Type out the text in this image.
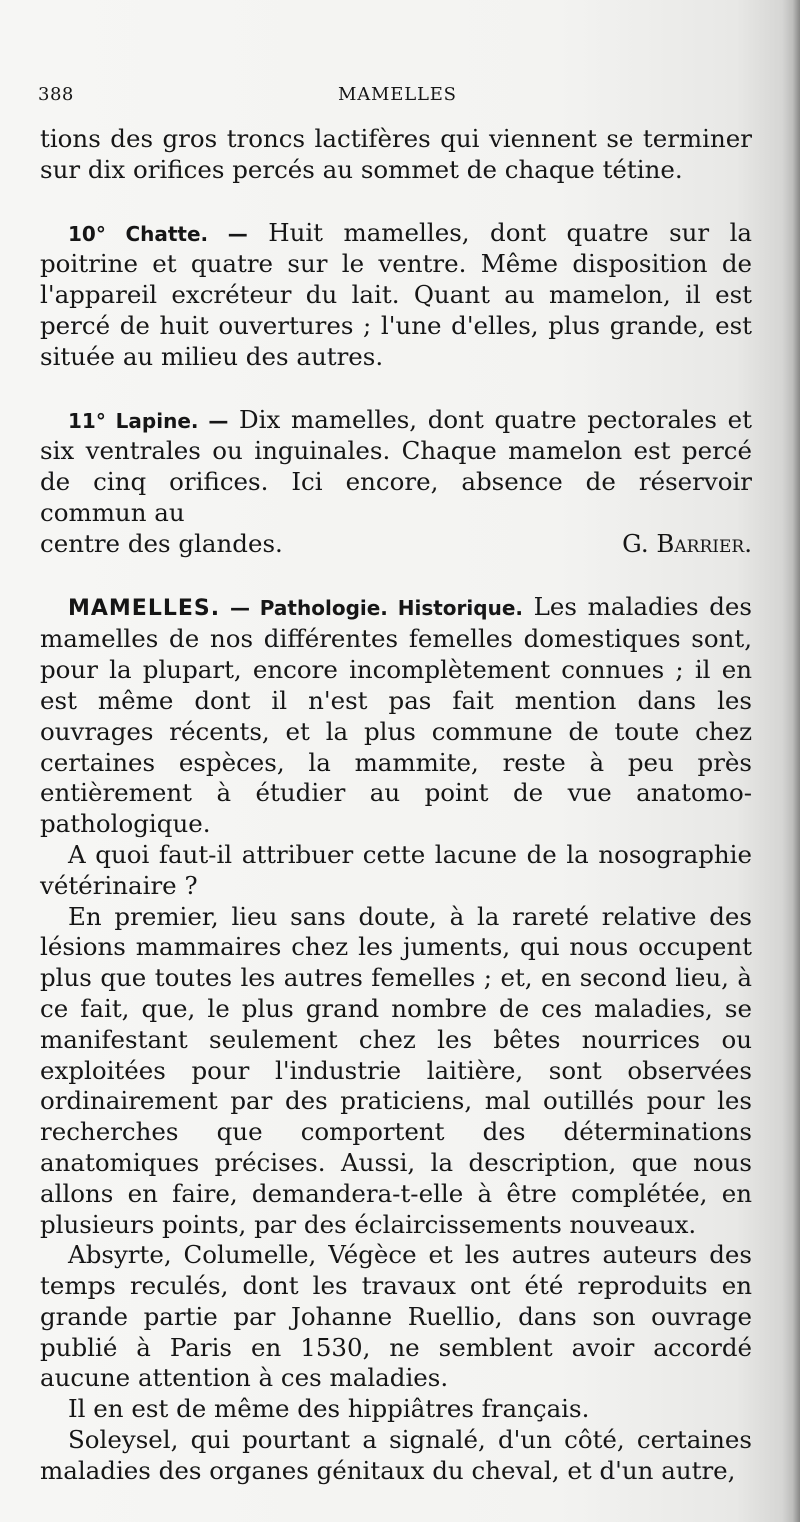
388	MAMELLES

tions des gros troncs lactifères qui viennent se terminer sur dix orifices percés au sommet de chaque tétine.

10° Chatte. — Huit mamelles, dont quatre sur la poitrine et quatre sur le ventre. Même disposition de l'appareil excréteur du lait. Quant au mamelon, il est percé de huit ouvertures ; l'une d'elles, plus grande, est située au milieu des autres.

11° Lapine. — Dix mamelles, dont quatre pectorales et six ventrales ou inguinales. Chaque mamelon est percé de cinq orifices. Ici encore, absence de réservoir commun au

centre des glandes.	G. Barrier.

MAMELLES. — Pathologie. Historique. Les maladies des mamelles de nos différentes femelles domestiques sont, pour la plupart, encore incomplètement connues ; il en est même dont il n'est pas fait mention dans les ouvrages récents, et la plus commune de toute chez certaines espèces, la mammite, reste à peu près entièrement à étudier au point de vue anatomo-pathologique.

A quoi faut-il attribuer cette lacune de la nosographie vétérinaire ?

En premier, lieu sans doute, à la rareté relative des lésions mammaires chez les juments, qui nous occupent plus que toutes les autres femelles ; et, en second lieu, à ce fait, que, le plus grand nombre de ces maladies, se manifestant seulement chez les bêtes nourrices ou exploitées pour l'industrie laitière, sont observées ordinairement par des praticiens, mal outillés pour les recherches que comportent des déterminations anatomiques précises. Aussi, la description, que nous allons en faire, demandera-t-elle à être complétée, en plusieurs points, par des éclaircissements nouveaux.

Absyrte, Columelle, Végèce et les autres auteurs des temps reculés, dont les travaux ont été reproduits en grande partie par Johanne Ruellio, dans son ouvrage publié à Paris en 1530, ne semblent avoir accordé aucune attention à ces maladies.

Il en est de même des hippiâtres français.

Soleysel, qui pourtant a signalé, d'un côté, certaines maladies des organes génitaux du cheval, et d'un autre,
